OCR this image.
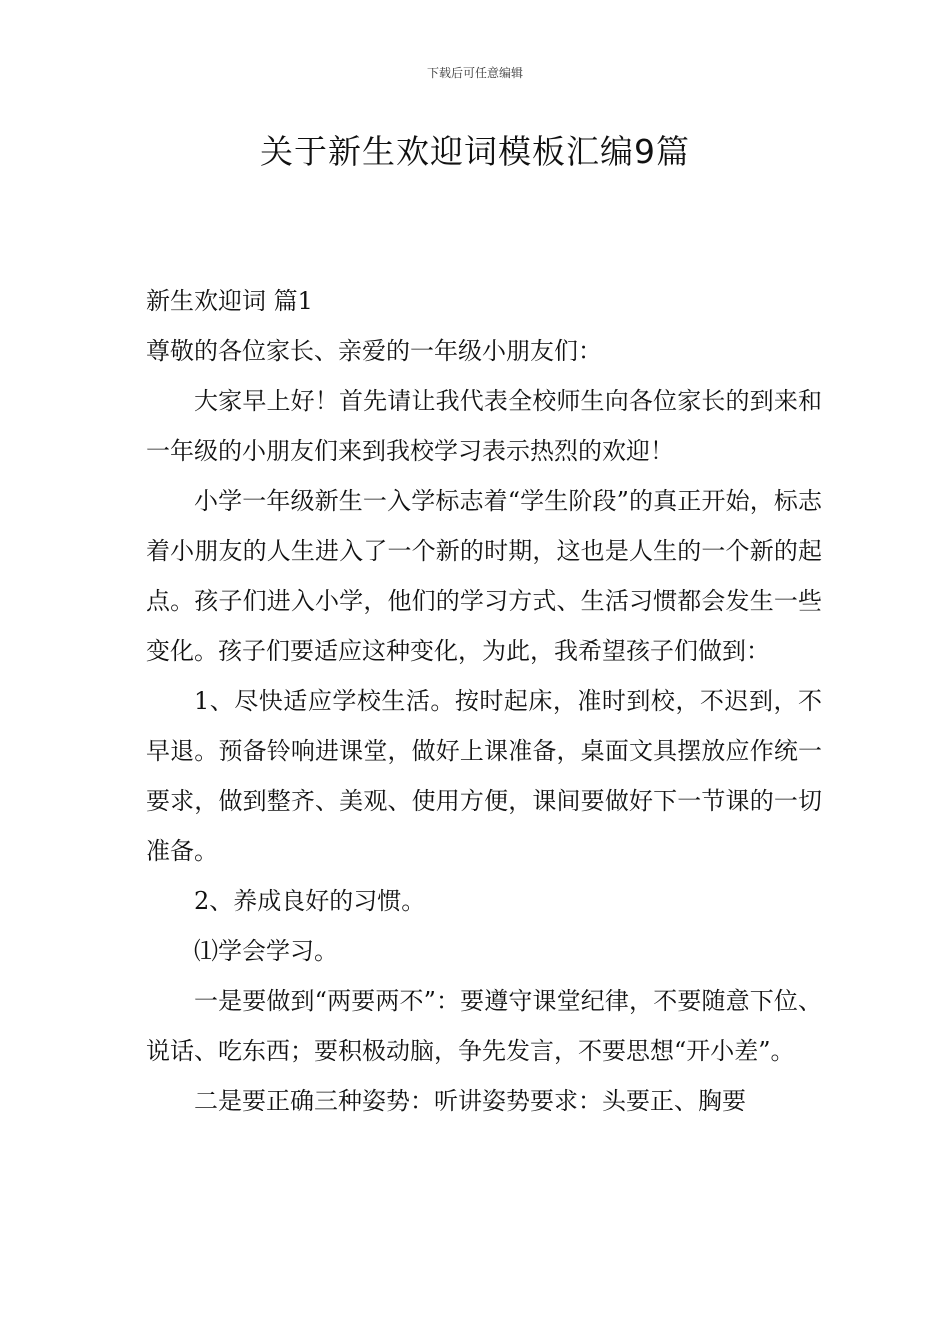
下载后可任意编辑
关于新生欢迎词模板汇编9篇

新生欢迎词 篇1

尊敬的各位家长、亲爱的一年级小朋友们：

大家早上好！首先请让我代表全校师生向各位家长的到来和一年级的小朋友们来到我校学习表示热烈的欢迎！

小学一年级新生一入学标志着“学生阶段”的真正开始，标志着小朋友的人生进入了一个新的时期，这也是人生的一个新的起点。孩子们进入小学，他们的学习方式、生活习惯都会发生一些变化。孩子们要适应这种变化，为此，我希望孩子们做到：

1、尽快适应学校生活。按时起床，准时到校，不迟到，不早退。预备铃响进课堂，做好上课准备，桌面文具摆放应作统一要求，做到整齐、美观、使用方便，课间要做好下一节课的一切准备。

2、养成良好的习惯。

⑴学会学习。

一是要做到“两要两不”：要遵守课堂纪律，不要随意下位、说话、吃东西；要积极动脑，争先发言，不要思想“开小差”。

二是要正确三种姿势：听讲姿势要求：头要正、胸要
